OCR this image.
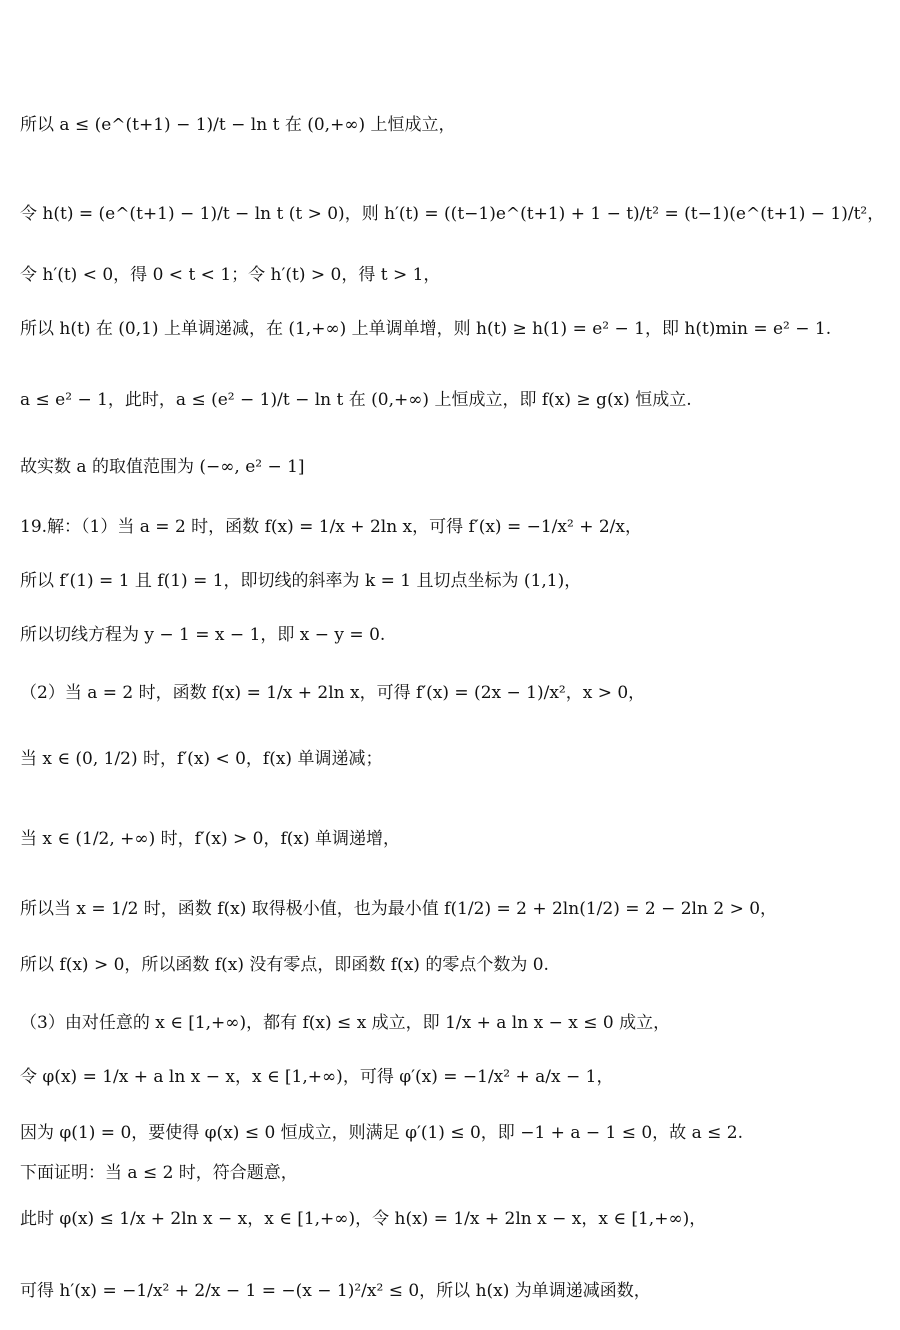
所以 a ≤ (e^(t+1) − 1)/t − ln t 在 (0,+∞) 上恒成立，
令 h(t) = (e^(t+1) − 1)/t − ln t (t > 0)，则 h′(t) = ((t−1)e^(t+1) + 1 − t)/t² = (t−1)(e^(t+1) − 1)/t²，
令 h′(t) < 0，得 0 < t < 1；令 h′(t) > 0，得 t > 1，
所以 h(t) 在 (0,1) 上单调递减，在 (1,+∞) 上单调单增，则 h(t) ≥ h(1) = e² − 1，即 h(t)min = e² − 1.
a ≤ e² − 1，此时，a ≤ (e² − 1)/t − ln t 在 (0,+∞) 上恒成立，即 f(x) ≥ g(x) 恒成立.
故实数 a 的取值范围为 (−∞, e² − 1]
19.解：（1）当 a = 2 时，函数 f(x) = 1/x + 2ln x，可得 f′(x) = −1/x² + 2/x，
所以 f′(1) = 1 且 f(1) = 1，即切线的斜率为 k = 1 且切点坐标为 (1,1)，
所以切线方程为 y − 1 = x − 1，即 x − y = 0.
（2）当 a = 2 时，函数 f(x) = 1/x + 2ln x，可得 f′(x) = (2x − 1)/x²，x > 0，
当 x ∈ (0, 1/2) 时，f′(x) < 0，f(x) 单调递减；
当 x ∈ (1/2, +∞) 时，f′(x) > 0，f(x) 单调递增，
所以当 x = 1/2 时，函数 f(x) 取得极小值，也为最小值 f(1/2) = 2 + 2ln(1/2) = 2 − 2ln 2 > 0，
所以 f(x) > 0，所以函数 f(x) 没有零点，即函数 f(x) 的零点个数为 0.
（3）由对任意的 x ∈ [1,+∞)，都有 f(x) ≤ x 成立，即 1/x + a ln x − x ≤ 0 成立，
令 φ(x) = 1/x + a ln x − x，x ∈ [1,+∞)，可得 φ′(x) = −1/x² + a/x − 1，
因为 φ(1) = 0，要使得 φ(x) ≤ 0 恒成立，则满足 φ′(1) ≤ 0，即 −1 + a − 1 ≤ 0，故 a ≤ 2.
下面证明：当 a ≤ 2 时，符合题意，
此时 φ(x) ≤ 1/x + 2ln x − x，x ∈ [1,+∞)，令 h(x) = 1/x + 2ln x − x，x ∈ [1,+∞)，
可得 h′(x) = −1/x² + 2/x − 1 = −(x − 1)²/x² ≤ 0，所以 h(x) 为单调递减函数，
